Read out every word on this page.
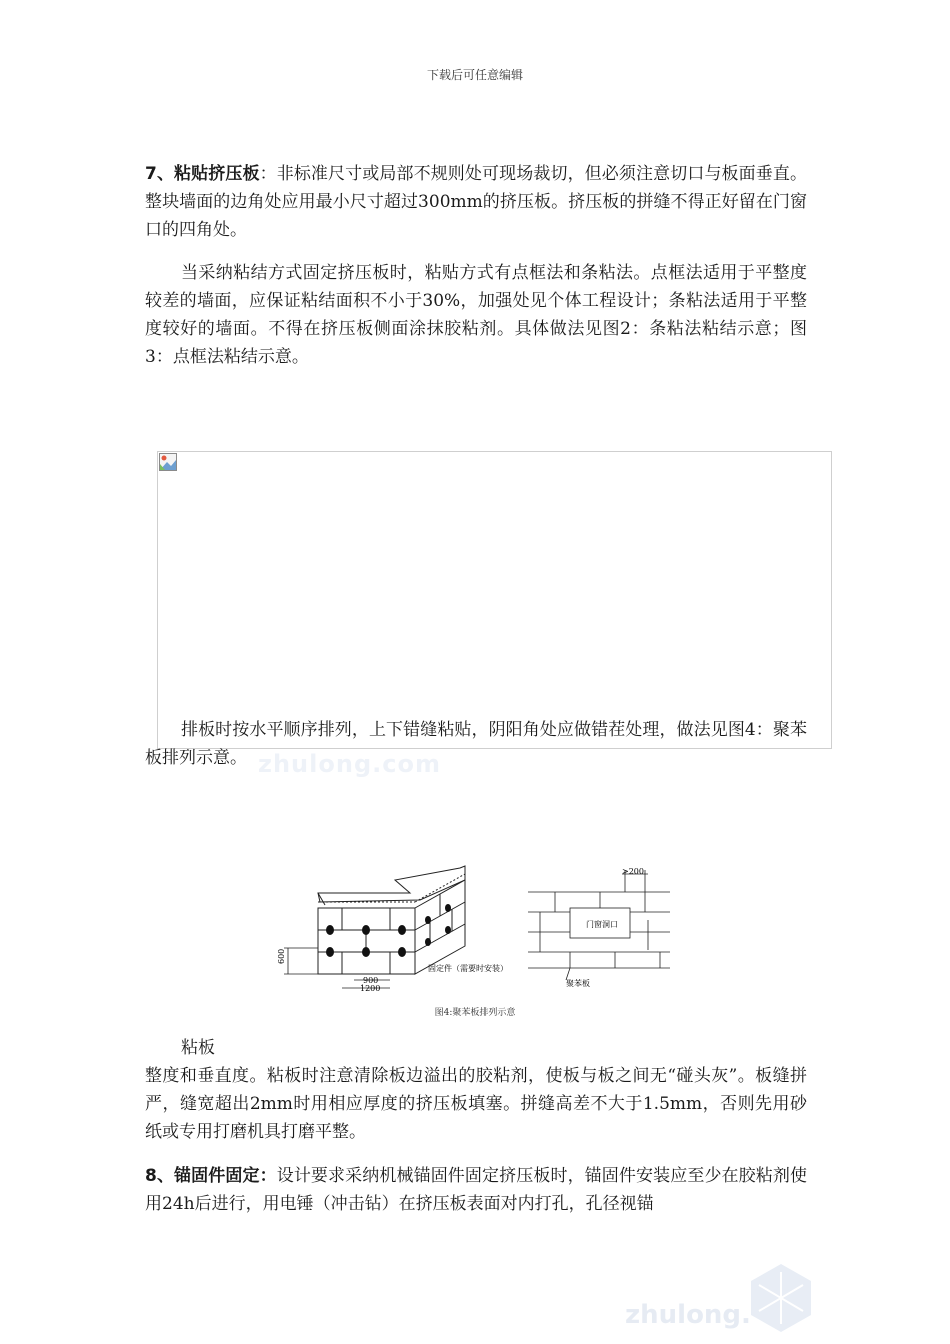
下载后可任意编辑

7、粘贴挤压板：非标准尺寸或局部不规则处可现场裁切，但必须注意切口与板面垂直。整块墙面的边角处应用最小尺寸超过300mm的挤压板。挤压板的拼缝不得正好留在门窗口的四角处。

当采纳粘结方式固定挤压板时，粘贴方式有点框法和条粘法。点框法适用于平整度较差的墙面，应保证粘结面积不小于30%，加强处见个体工程设计；条粘法适用于平整度较好的墙面。不得在挤压板侧面涂抹胶粘剂。具体做法见图2：条粘法粘结示意；图3：点框法粘结示意。

排板时按水平顺序排列，上下错缝粘贴，阴阳角处应做错茬处理，做法见图4：聚苯板排列示意。 zhulong.com
600
900
1200
固定件（需要时安装）
>200
门窗洞口
聚苯板
图4:聚苯板排列示意

粘板

整度和垂直度。粘板时注意清除板边溢出的胶粘剂，使板与板之间无“碰头灰”。板缝拼严，缝宽超出2mm时用相应厚度的挤压板填塞。拼缝高差不大于1.5mm，否则先用砂纸或专用打磨机具打磨平整。

8、锚固件固定：设计要求采纳机械锚固件固定挤压板时，锚固件安装应至少在胶粘剂使用24h后进行，用电锤（冲击钻）在挤压板表面对内打孔，孔径视锚

zhulong.
